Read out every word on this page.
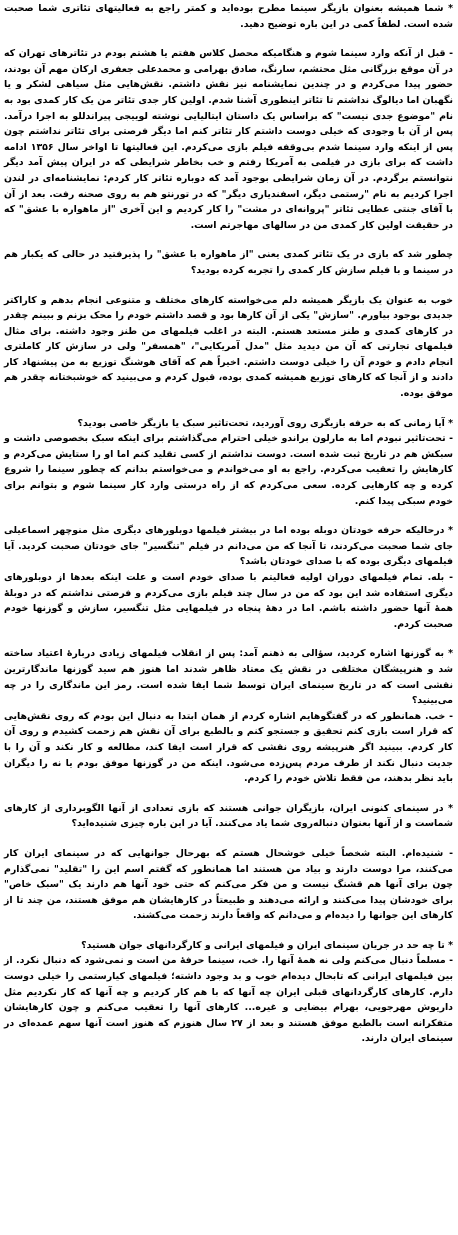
* شما همیشه بعنوان بازیگر سینما مطرح بوده‌اید و کمتر راجع به فعالیتهای تئاتری شما صحبت شده است. لطفاً کمی در این باره توضیح دهید.

- قبل از آنکه وارد سینما شوم و هنگامیکه محصل کلاس هفتم یا هشتم بودم در تئاترهای تهران که در آن موقع بزرگانی مثل محتشم، سارنگ، صادق بهرامی و محمدعلی جعفری ارکان مهم آن بودند، حضور پیدا می‌کردم و در چندین نمایشنامه نیز نقش داشتم. نقش‌هایی مثل سیاهی لشکر و یا نگهبان اما دیالوگ نداشتم تا تئاتر اینطوری آشنا شدم. اولین کار جدی تئاتر من یک کار کمدی بود به نام "موضوع جدی نیست" که براساس یک داستان ایتالیایی نوشته لوییجی پیراندللو به اجرا درآمد. پس از آن با وجودی که خیلی دوست داشتم کار تئاتر کنم اما دیگر فرصتی برای تئاتر نداشتم چون پس از اینکه وارد سینما شدم بی‌وقفه فیلم بازی می‌کردم. این فعالیتها تا اواخر سال ۱۳۵۶ ادامه داشت که برای بازی در فیلمی به آمریکا رفتم و خب بخاطر شرایطی که در ایران پیش آمد دیگر نتوانستم برگردم. در آن زمان شرایطی بوجود آمد که دوباره تئاتر کار کردم: نمایشنامه‌ای در لندن اجرا کردیم به نام "رستمی دیگر، اسفندیاری دیگر" که در تورنتو هم به روی صحنه رفت. بعد از آن با آقای جنتی عطایی تئاتر "پروانه‌ای در مشت" را کار کردیم و این آخری "از ماهواره با عشق" که در حقیقت اولین کار کمدی من در سالهای مهاجرتم است.

چطور شد که بازی در یک تئاتر کمدی یعنی "از ماهواره با عشق" را پذیرفتید در حالی که یکبار هم در سینما و با فیلم سازش کار کمدی را تجربه کرده بودید؟

خوب به عنوان یک بازیگر همیشه دلم می‌خواسته کارهای مختلف و متنوعی انجام بدهم و کاراکتر جدیدی بوجود بیاورم. "سازش" یکی از آن کارها بود و قصد داشتم خودم را محک بزنم و ببینم چقدر در کارهای کمدی و طنز مستعد هستم. البته در اغلب فیلمهای من طنز وجود داشته. برای مثال فیلمهای تجارتی که آن من دیدید مثل "مدل آمریکایی"، "همسفر" ولی در سازش کار کاملتری انجام دادم و خودم آن را خیلی دوست داشتم. اخیراً هم که آقای هوشنگ توزیع به من پیشنهاد کار دادند و از آنجا که کارهای توزیع همیشه کمدی بوده، قبول کردم و می‌بینید که خوشبختانه چقدر هم موفق بوده.

* آیا زمانی که به حرفه بازیگری روی آوردید، تحت‌تاثیر سبک یا بازیگر خاصی بودید؟
- تحت‌تاثیر نبودم اما به مارلون براندو خیلی احترام می‌گذاشتم برای اینکه سبک بخصوصی داشت و سبکش هم در تاریخ ثبت شده است. دوست نداشتم از کسی تقلید کنم اما او را ستایش می‌کردم و کارهایش را تعقیب می‌کردم. راجع به او می‌خواندم و می‌خواستم بدانم که چطور سینما را شروع کرده و چه کارهایی کرده. سعی می‌کردم که از راه درستی وارد کار سینما شوم و بتوانم برای خودم سبکی پیدا کنم.

* درحالیکه حرفه خودتان دوبله بوده اما در بیشتر فیلمها دوبلورهای دیگری مثل منوچهر اسماعیلی جای شما صحبت می‌کردند، تا آنجا که من می‌دانم در فیلم "تنگسیر" جای خودتان صحبت کردید. آیا فیلمهای دیگری بوده که با صدای خودتان باشد؟
- بله. تمام فیلمهای دوران اولیه فعالیتم با صدای خودم است و علت اینکه بعدها از دوبلورهای دیگری استفاده شد این بود که من در سال چند فیلم بازی می‌کردم و فرصتی نداشتم که در دوبلهٔ همهٔ آنها حضور داشته باشم. اما در دههٔ پنجاه در فیلمهایی مثل تنگسیر، سازش و گوزنها خودم صحبت کردم.

* به گوزنها اشاره کردید، سؤالی به ذهنم آمد: پس از انقلاب فیلمهای زیادی دربارهٔ اعتیاد ساخته شد و هنرپیشگان مختلفی در نقش یک معتاد ظاهر شدند اما هنوز هم سید گوزنها ماندگارترین نقشی است که در تاریخ سینمای ایران توسط شما ایفا شده است. رمز این ماندگاری را در چه می‌بینید؟
- خب. همانطور که در گفتگوهایم اشاره کردم از همان ابتدا به دنبال این بودم که روی نقش‌هایی که قرار است بازی کنم تحقیق و جستجو کنم و بالطبع برای آن نقش هم زحمت کشیدم و روی آن کار کردم. ببینید اگر هنرپیشه روی نقشی که قرار است ایفا کند، مطالعه و کار نکند و آن را با جدیت دنبال نکند از طرف مردم پس‌زده می‌شود. اینکه من در گوزنها موفق بودم یا نه را دیگران باید نظر بدهند، من فقط تلاش خودم را کردم.

* در سینمای کنونی ایران، بازیگران جوانی هستند که بازی تعدادی از آنها الگوبرداری از کارهای شماست و از آنها بعنوان دنباله‌روی شما یاد می‌کنند. آیا در این باره چیزی شنیده‌اید؟

- شنیده‌ام. البته شخصاً خیلی خوشحال هستم که بهرحال جوانهایی که در سینمای ایران کار می‌کنند، مرا دوست دارند و بیاد من هستند اما همانطور که گفتم اسم این را "تقلید" نمی‌گذارم چون برای آنها هم قشنگ نیست و من فکر می‌کنم که حتی خود آنها هم دارند یک "سبک خاص" برای خودشان پیدا می‌کنند و ارائه می‌دهند و طبیعتاً در کارهایشان هم موفق هستند، من چند تا از کارهای این جوانها را دیده‌ام و می‌دانم که واقعاً دارند زحمت می‌کشند.

* تا چه حد در جریان سینمای ایران و فیلمهای ایرانی و کارگردانهای جوان هستید؟
- مسلماً دنبال می‌کنم ولی نه همهٔ آنها را. خب، سینما حرفهٔ من است و نمی‌شود که دنبال نکرد. از بین فیلمهای ایرانی که تابحال دیده‌ام خوب و بد وجود داشته؛ فیلمهای کیارستمی را خیلی دوست دارم. کارهای کارگردانهای قبلی ایران چه آنها که با هم کار کردیم و چه آنها که کار نکردیم مثل داریوش مهرجویی، بهرام بیضایی و غیره... کارهای آنها را تعقیب می‌کنم و چون کارهایشان متفکرانه است بالطبع موفق هستند و بعد از ۲۷ سال هنوزم که هنوز است آنها سهم عمده‌ای در سینمای ایران دارند.
